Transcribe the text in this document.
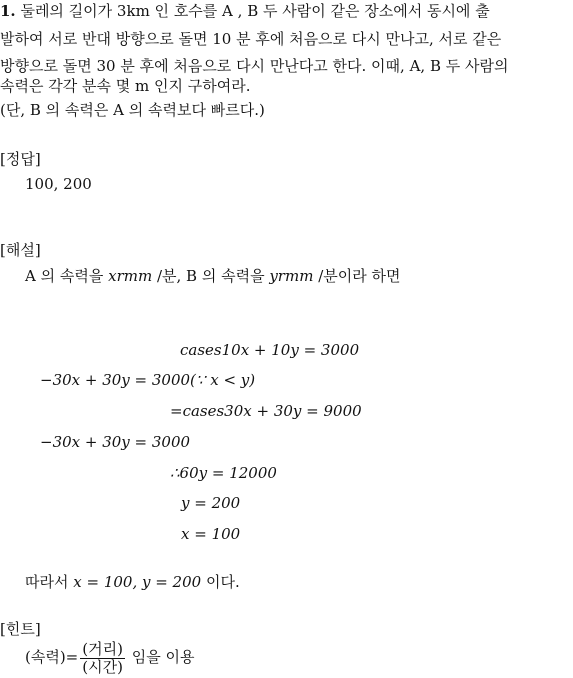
1. 둘레의 길이가 3km 인 호수를 A , B 두 사람이 같은 장소에서 동시에 출
발하여 서로 반대 방향으로 돌면 10 분 후에 처음으로 다시 만나고, 서로 같은
방향으로 돌면 30 분 후에 처음으로 다시 만난다고 한다. 이때, A, B 두 사람의
속력은 각각 분속 몇 m 인지 구하여라.
(단, B 의 속력은 A 의 속력보다 빠르다.)
[정답]
100, 200
[해설]
A 의 속력을 xrmm /분, B 의 속력을 yrmm /분이라 하면
cases10x + 10y = 3000
−30x + 30y = 3000(∵ x < y)
=cases30x + 30y = 9000
−30x + 30y = 3000
∴60y = 12000
y = 200
x = 100
따라서 x = 100, y = 200 이다.
[힌트]
(속력)= $\frac{\text{(거리)}}{\text{(시간)}}$ 임을 이용
